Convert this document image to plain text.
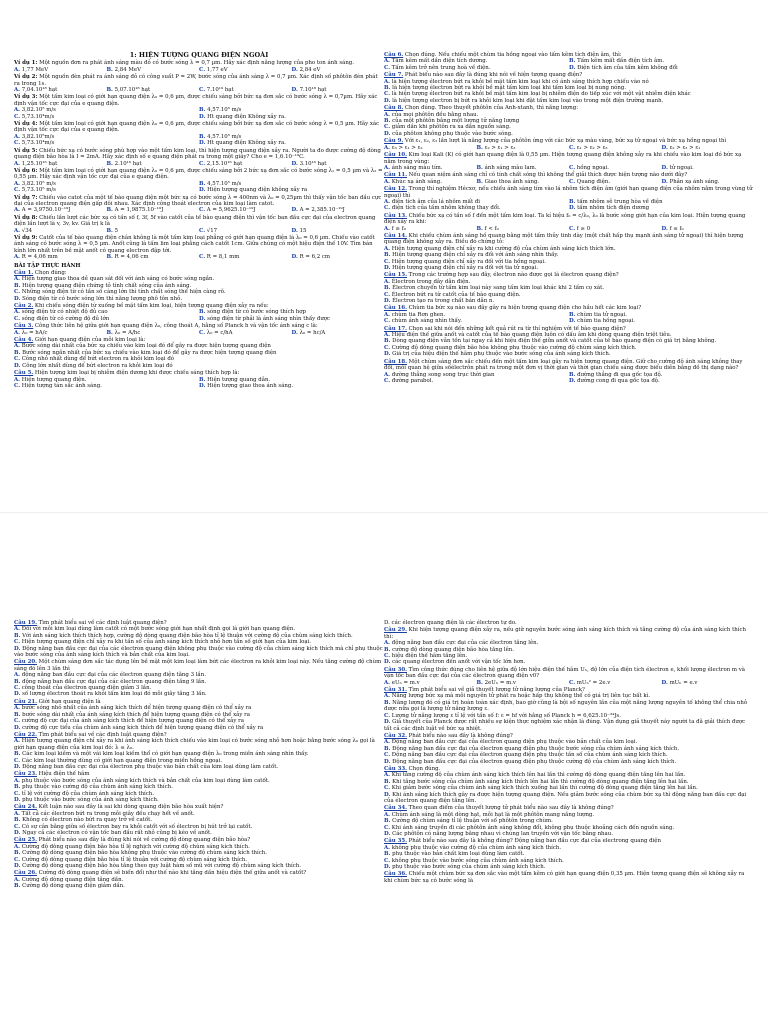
1: HIỆN TƯỢNG QUANG ĐIỆN NGOÀI
Ví dụ 1: Một nguồn đơn ra phát ánh sáng màu đỏ có bước sóng λ = 0,7 µm. Hãy xác định năng lượng của pho ton ánh sáng.
A. 1,77 MeV	B. 2,84 MeV	C. 1,77 eV	D. 2,84 eV
Ví dụ 2: Một nguồn đèn phát ra ánh sáng đỏ có công suất P = 2W, bước sóng của ánh sáng λ = 0,7 µm. Xác định số phôtôn đèn phát ra trong 1s.
A. 7,04.10¹⁸ hạt	B. 5,07.10¹⁸ hạt	C. 7.10¹⁹ hạt	D. 7.10¹⁸ hạt
Ví dụ 3: Một tấm kim loại có giới hạn quang điện λ₀ = 0,6 µm, được chiếu sáng bởi bức xạ đơn sắc có bước sóng λ = 0,7µm. Hãy xác định vận tốc cực đại của e quang điện.
A. 3,82.10⁵ m/s	B. 4,57.10⁵ m/s
C. 5,73.10⁴m/s	D. Ht quang điện Không xảy ra.
Ví dụ 4: Một tấm kim loại có giới hạn quang điện λ₀ = 0,6 µm, được chiếu sáng bởi bức xạ đơn sắc có bước sóng λ = 0,5 µm. Hãy xác định vận tốc cực đại của e quang điện.
A. 3,82.10⁵m/s	B. 4,57.10⁵ m/s
C. 5,73.10⁴m/s	D. Ht quang điện Không xảy ra.
Ví dụ 5: Chiếu bức xạ có bước sóng phù hợp vào một tấm kim loại, thì hiện tượng quang điện xảy ra. Người ta đo được cường độ dòng quang điện bão hòa là I = 2mA. Hãy xác định số e quang điện phát ra trong một giây? Cho e = 1,6.10⁻¹⁹C.
A. 1,25.10¹⁶ hạt	B. 2.10¹⁶ hạt	C. 2,15.10¹⁶ hạt	D. 3.10¹⁶ hạt
Ví dụ 6: Một tấm kim loại có giới hạn quang điện λ₀ = 0,6 µm, được chiếu sáng bởi 2 bức xạ đơn sắc có bước sóng λ₁ = 0,5 µm và λ₂ = 0,55 µm. Hãy xác định vận tốc cực đại của e quang điện.
A. 3,82.10⁵ m/s	B. 4,57.10⁵ m/s
C. 5,73.10⁵ m/s	D. Hiện tượng quang điện không xảy ra
Ví dụ 7: Chiếu vào catot của một tế bào quang điện một bức xạ có bước sóng λ = 400nm và λ₀ = 0,25µm thì thấy vận tốc ban đầu cực đại của electron quang điện gấp đôi nhau. Xác định công thoát electron của kim loại làm catot.
A. A = 3,9750.10⁻¹⁹J	B. A = 1,9875.10⁻¹⁹J	C. A = 5,9625.10⁻¹⁹J	D. A = 2,385.10⁻¹⁹J
Ví dụ 8: Chiếu lần lượt các bức xạ có tần số f, 3f, 5f vào catốt của tế bào quang điện thì vận tốc ban đầu cực đại của electron quang điện lần lượt là v, 3v, kv. Giá trị k là
A. √34	B. 5	C. √17	D. 15
Ví dụ 9: Catốt của tế bào quang điện chân không là một tấm kim loại phẳng có giới hạn quang điện là λ₀ = 0,6 µm. Chiếu vào catốt ánh sáng có bước sóng λ = 0,5 µm. Anốt cũng là tấm lim loại phẳng cách catốt 1cm. Giữa chúng có một hiệu điện thế 10V. Tìm bán kính lớn nhất trên bề mặt anốt có quang electron đập tới.
A. R = 4,06 mm	B. R = 4,06 cm	C. R = 8,1 mm	D. R = 6,2 cm
BÀI TẬP THỰC HÀNH
Câu 1. Chọn đúng:
A. Hiện tượng giao thoa dễ quan sát đối với ánh sáng có bước sóng ngắn.
B. Hiện tượng quang điện chứng tỏ tính chất sóng của ánh sáng.
C. Những sóng điện từ có tần số càng lớn thì tính chất sóng thể hiện càng rõ.
D. Sóng điện từ có bước sóng lớn thì năng lượng phô tôn nhỏ.
Câu 2. Khi chiếu sóng điện từ xuống bề mặt tấm kim loại, hiện tượng quang điện xảy ra nếu:
A. sóng điện từ có nhiệt độ đủ cao	B. sóng điện từ có bước sóng thích hợp
C. sóng điện từ có cường độ đủ lớn	D. sóng điện từ phải là ánh sáng nhìn thấy được
Câu 3. Công thức liên hệ giữa giới hạn quang điện λ₀, công thoát A, hằng số Planck h và vận tốc ánh sáng c là:
A. λ₀ = hA/c	B. λ₀ = A/hc	C. λ₀ = c/hA	D. λ₀ = hc/A
Câu 4. Giới hạn quang điện của mỗi kim loại là:
A. Bước sóng dài nhất của bức xạ chiếu vào kim loại đó để gây ra được hiện tượng quang điện
B. Bước sóng ngắn nhất của bức xạ chiếu vào kim loại đó để gây ra được hiện tượng quang điện
C. Công nhỏ nhất dùng để bứt electron ra khỏi kim loại đó
D. Công lớn nhất dùng để bứt electron ra khỏi kim loại đó
Câu 5. Hiện tượng kim loại bị nhiễm điện dương khi được chiếu sáng thích hợp là:
A. Hiện tượng quang điện.	B. Hiện tượng quang dẫn.
C. Hiện tượng tán sắc ánh sáng.	D. Hiện tượng giao thoa ánh sáng.
Câu 6. Chọn đúng. Nếu chiếu một chùm tia hồng ngoại vào tấm kẽm tích điện âm, thì:
A. Tấm kẽm mất dần điện tích dương.	B. Tấm kẽm mất dần điện tích âm.
C. Tấm kẽm trở nên trung hoà về điện.	D. Điện tích âm của tấm kẽm không đổi
Câu 7. Phát biểu nào sau đây là đúng khi nói về hiện tượng quang điện?
A. là hiện tượng électron bứt ra khỏi bề mặt tấm kim loại khi có ánh sáng thích hợp chiếu vào nó
B. là hiện tượng électron bứt ra khỏi bề mặt tấm kim loại khi tấm kim loại bị nung nóng.
C. là hiện tượng électron bứt ra khỏi bề mặt tấm kim loại bị nhiễm điện do tiếp xúc với một vật nhiễm điện khác
D. là hiện tượng electron bị bứt ra khỏi kim loại khi đặt tấm kim loại vào trong một điện trường mạnh.
Câu 8. Chọn đúng. Theo thuyết phôtôn của Anh-xtanh, thì năng lượng:
A. của mọi phôtôn đều bằng nhau.
B. của một phôtôn bằng một lượng tử năng lượng
C. giảm dần khi phôtôn ra xa dần nguồn sáng.
D. của phôton không phụ thuộc vào bước sóng.
Câu 9. Với ε₁, ε₂, ε₃ lần lượt là năng lượng của phôtôn ứng với các bức xạ màu vàng, bức xạ tử ngoại và bức xạ hồng ngoại thì
A. ε₃ > ε₁ > ε₂	B. ε₂ > ε₁ > ε₃	C. ε₁ > ε₂ > ε₃	D. ε₂ > ε₃ > ε₁
Câu 10. Kim loại Kali (K) có giới hạn quang điện là 0,55 µm. Hiện tượng quang điện không xảy ra khi chiếu vào kim loại đó bức xạ nằm trong vùng:
A. ánh sáng màu tím.	B. ánh sáng màu lam.	C. hồng ngoại.	D. tử ngoại.
Câu 11. Nếu quan niệm ánh sáng chỉ có tính chất sóng thì không thể giải thích được hiện tượng nào dưới đây?
A. Khúc xạ ánh sáng.	B. Giao thoa ánh sáng.	C. Quang điện.	D. Phản xạ ánh sáng.
Câu 12. Trong thí nghiệm Hécxơ, nếu chiếu ánh sáng tím vào lá nhôm tích điện âm (giới hạn quang điện của nhôm nằm trong vùng tử ngoại) thì
A. điện tích âm của lá nhôm mất đi	B. tấm nhôm sẽ trung hòa về điện
C. điện tích của tấm nhôm không thay đổi.	D. tấm nhôm tích điện dương
Câu 13. Chiếu bức xạ có tần số f đến một tấm kim loại. Ta kí hiệu f₀ = c/λ₀, λ₀ là bước sóng giới hạn của kim loại. Hiện tượng quang điện xảy ra khi:
A. f ≥ f₀	B. f < f₀	C. f ≥ 0	D. f ≤ f₀
Câu 14. Khi chiếu chùm ánh sáng hồ quang bằng một tấm thủy tinh dày (một chất hấp thụ mạnh ánh sáng tử ngoại) thì hiện tượng quang điện không xảy ra. Điều đó chứng tỏ:
A. Hiện tượng quang điện chỉ xảy ra khi cường độ của chùm ánh sáng kích thích lớn.
B. Hiện tượng quang điện chỉ xảy ra đối với ánh sáng nhìn thấy.
C. Hiện tượng quang điện chỉ xảy ra đối với tia hồng ngoại.
D. Hiện tượng quang điện chỉ xảy ra đối với tia tử ngoại.
Câu 15. Trong các trường hợp sau đây, électron nào được gọi là électron quang điện?
A. Électron trong dây dẫn điện.
B. Électron chuyển từ tấm kim loại này sang tấm kim loại khác khi 2 tấm cọ xát.
C. Électron bứt ra từ catốt của tế bào quang điện.
D. Électron tạo ra trong chất bán dẫn n.
Câu 16. Chùm tia bức xạ nào sau đây gây ra hiện tượng quang điện cho hầu hết các kim loại?
A. chùm tia Rơn ghen.	B. chùm tia tử ngoại.
C. chùm ánh sáng nhìn thấy.	D. chùm tia hồng ngoại.
Câu 17. Chọn sai khi nói đến những kết quả rút ra từ thí nghiệm với tế bào quang điện?
A. Hiệu điện thế giữa anốt và catốt của tế bào quang điện luôn có dấu âm khi dòng quang điện triệt tiêu.
B. Dòng quang điện vẫn tồn tại ngay cả khi hiệu điện thế giữa anốt và catốt của tế bào quang điện có giá trị bằng không.
C. Cường độ dòng quang điện bão hòa không phụ thuộc vào cường độ chùm sáng kích thích.
D. Giá trị của hiệu điện thế hãm phụ thuộc vào bước sóng của ánh sáng kích thích.
Câu 18. Một chùm sáng đơn sắc chiếu đến một tấm kim loại gây ra hiện tượng quang điện. Giữ cho cường độ ánh sáng không thay đổi, mỗi quan hệ giữa sốélectrôn phát ra trong một đơn vị thời gian và thời gian chiếu sáng được biểu diễn bằng đồ thị dạng nào?
A. đường thẳng song song trục thời gian	B. đường thẳng đi qua gốc tọa độ.
C. đường parabol.	D. đường cong đi qua gốc tọa độ.
Câu 19. Tìm phát biểu sai về các định luật quang điện?
A. Đối với mỗi kim loại dùng làm catốt có một bước sóng giới hạn nhất định gọi là giới hạn quang điện.
B. Với ánh sáng kích thích thích hợp, cường độ dòng quang điện bão hòa tỉ lệ thuận với cường độ của chùm sáng kích thích.
C. Hiện tượng quang điện chỉ xảy ra khi tần số của ánh sáng kích thích nhỏ hơn tần số giới hạn của kim loại.
D. Động năng ban đầu cực đại của các électron quang điện không phụ thuộc vào cường độ của chùm sáng kích thích mà chỉ phụ thuộc vào bước sóng của ánh sáng kích thích và bản chất của kim loại.
Câu 20. Một chùm sáng đơn sắc tác dụng lên bề mặt một kim loại làm bứt các électron ra khỏi kim loại này. Nếu tăng cường độ chùm sáng đó lên 3 lần thì
A. động năng ban đầu cực đại của các électron quang điện tăng 3 lần.
B. động năng ban đầu cực đại của các électron quang điện tăng 9 lần.
C. công thoát của électron quang điện giảm 3 lần.
D. số lượng électron thoát ra khỏi tấm kim loại đó mỗi giây tăng 3 lần.
Câu 21. Giới hạn quang điện là
A. bước sóng nhỏ nhất của ánh sáng kích thích để hiện tượng quang điện có thể xảy ra
B. bước sóng dài nhất của ánh sáng kích thích để hiện tượng quang điện có thể xảy ra
C. cường độ cực đại của ánh sáng kích thích để hiện tượng quang điện có thể xảy ra
D. cường độ cực tiểu của chùm ánh sáng kích thích để hiện tượng quang điện có thể xảy ra
Câu 22. Tìm phát biểu sai về các định luật quang điện?
A. Hiện tượng quang điện chỉ xảy ra khi ánh sáng kích thích chiếu vào kim loại có bước sóng nhỏ hơn hoặc bằng bước sóng λ₀ gọi là giới hạn quang điện của kim loại đó: λ ≤ λ₀.
B. Các kim loại kiềm và một vài kim loại kiềm thổ có giới hạn quang điện λ₀ trong miền ánh sáng nhìn thấy.
C. Các kim loại thường dùng có giới hạn quang điện trong miền hồng ngoại.
D. Động năng ban đầu cực đại của électron phụ thuộc vào bản chất của kim loại dùng làm catốt.
Câu 23. Hiệu điện thế hãm
A. phụ thuộc vào bước sóng của ánh sáng kích thích và bản chất của kim loại dùng làm catốt.
B. phụ thuộc vào cường độ của chùm ánh sáng kích thích.
C. tỉ lệ với cường độ của chùm ánh sáng kích thích.
D. phụ thuộc vào bước sóng của ánh sáng kích thích.
Câu 24. Kết luận nào sau đây là sai khi dòng quang điện bão hòa xuất hiện?
A. Tất cả các électron bứt ra trong mỗi giây đều chạy hết về anốt.
B. Không có électron nào bứt ra quay trở về catốt.
C. Có sự cân bằng giữa số électron bay ra khỏi catốt với số électron bị hút trở lại catốt.
D. Ngay cả các électron có vận tốc ban đầu rất nhỏ cũng bị kéo về anốt.
Câu 25. Phát biểu nào sau đây là đúng khi nói về cường độ dòng quang điện bão hòa?
A. Cường độ dòng quang điện bão hòa tỉ lệ nghịch với cường độ chùm sáng kích thích.
B. Cường độ dòng quang điện bão hòa không phụ thuộc vào cường độ chùm sáng kích thích.
C. Cường độ dòng quang điện bão hòa tỉ lệ thuận với cường độ chùm sáng kích thích.
D. Cường độ dòng quang điện bão hòa tăng theo quy luật hàm số mũ với cường độ chùm sáng kích thích.
Câu 26. Cường độ dòng quang điện sẽ biến đổi như thế nào khi tăng dần hiệu điện thế giữa anốt và catốt?
A. Cường độ dòng quang điện tăng dần.
B. Cường độ dòng quang điện giảm dần.
D. các électron quang điện là các électron tự do.
Câu 29. Khi hiện tượng quang điện xảy ra, nếu giữ nguyên bước sóng ánh sáng kích thích và tăng cường độ của ánh sáng kích thích thì:
A. động năng ban đầu cực đại của các électron tăng lên.
B. cường độ dòng quang điện bão hòa tăng lên.
C. hiệu điện thế hãm tăng lên.
D. các quang électron đến anốt với vận tốc lớn hơn.
Câu 30. Tìm công thức đúng cho liên hệ giữa độ lớn hiệu điện thế hãm Uₕ, độ lớn của điện tích électron e, khối lượng électron m và vận tốc ban đầu cực đại của các électron quang điện v0?
A. eUₕ = m.v	B. 2eUₕ = m.v	C. mUₕ² = 2e.v	D. mUₕ = e.v
Câu 31. Tìm phát biểu sai về giả thuyết lượng tử năng lượng của Planck?
A. Năng lượng bức xạ mà mỗi nguyên tử phát ra hoặc hấp thụ không thể có giá trị liên tục bất kì.
B. Năng lượng đó có giá trị hoàn toàn xác định, bao giờ cũng là bội số nguyên lần của một năng lượng nguyên tố không thể chia nhỏ được nữa gọi là lượng tử năng lượng ε.
C. Lượng tử năng lượng ε tỉ lệ với tần số f: ε = hf với hằng số Planck h = 6,625.10⁻³⁴Js.
D. Giả thuyết của Planck được rất nhiều sự kiện thực nghiệm xác nhận là đúng. Vận dụng giả thuyết này người ta đã giải thích được tất cả các định luật về bức xạ nhiệt.
Câu 32. Phát biểu nào sau đây là không đúng?
A. Động năng ban đầu cực đại của électron quang điện phụ thuộc vào bản chất của kim loại.
B. Động năng ban đầu cực đại của électron quang điện phụ thuộc bước sóng của chùm ánh sáng kích thích.
C. Động năng ban đầu cực đại của électron quang điện phụ thuộc tần số của chùm ánh sáng kích thích.
D. Động năng ban đầu cực đại của électron quang điện phụ thuộc cường độ của chùm ánh sáng kích thích.
Câu 33. Chọn đúng.
A. Khi tăng cường độ của chùm ánh sáng kích thích lên hai lần thì cường độ dòng quang điện tăng lên hai lần.
B. Khi tăng bước sóng của chùm ánh sáng kích thích lên hai lần thì cường độ dòng quang điện tăng lên hai lần.
C. Khi giảm bước sóng của chùm ánh sáng kích thích xuống hai lần thì cường độ dòng quang điện tăng lên hai lần.
D. Khi ánh sáng kích thích gây ra được hiện tượng quang điện. Nếu giảm bước sóng của chùm bức xạ thì động năng ban đầu cực đại của électron quang điện tăng lên.
Câu 34. Theo quan điểm của thuyết lượng tử phát biểu nào sau đây là không đúng?
A. Chùm ánh sáng là một dòng hạt, mỗi hạt là một phôtôn mang năng lượng.
B. Cường độ chùm sáng tỉ lệ thuận với số phôtôn trong chùm.
C. Khi ánh sáng truyền đi các phôtôn ánh sáng không đổi, không phụ thuộc khoảng cách đến nguồn sáng.
D. Các phôtôn có năng lượng bằng nhau vì chúng lan truyền với vận tốc bằng nhau.
Câu 35. Phát biểu nào sau đây là không đúng? Động năng ban đầu cực đại của electrong quang điện
A. không phụ thuộc vào cường độ của chùm ánh sáng kích thích.
B. phụ thuộc vào bản chất kim loại dùng làm catốt.
C. không phụ thuộc vào bước sóng của chùm ánh sáng kích thích.
D. phụ thuộc vào bước sóng của chùm ánh sáng kích thích.
Câu 36. Chiếu một chùm bức xạ đơn sắc vào một tấm kẽm có giới hạn quang điện 0,35 µm. Hiện tượng quang điện sẽ không xảy ra khi chùm bức xạ có bước sóng là
